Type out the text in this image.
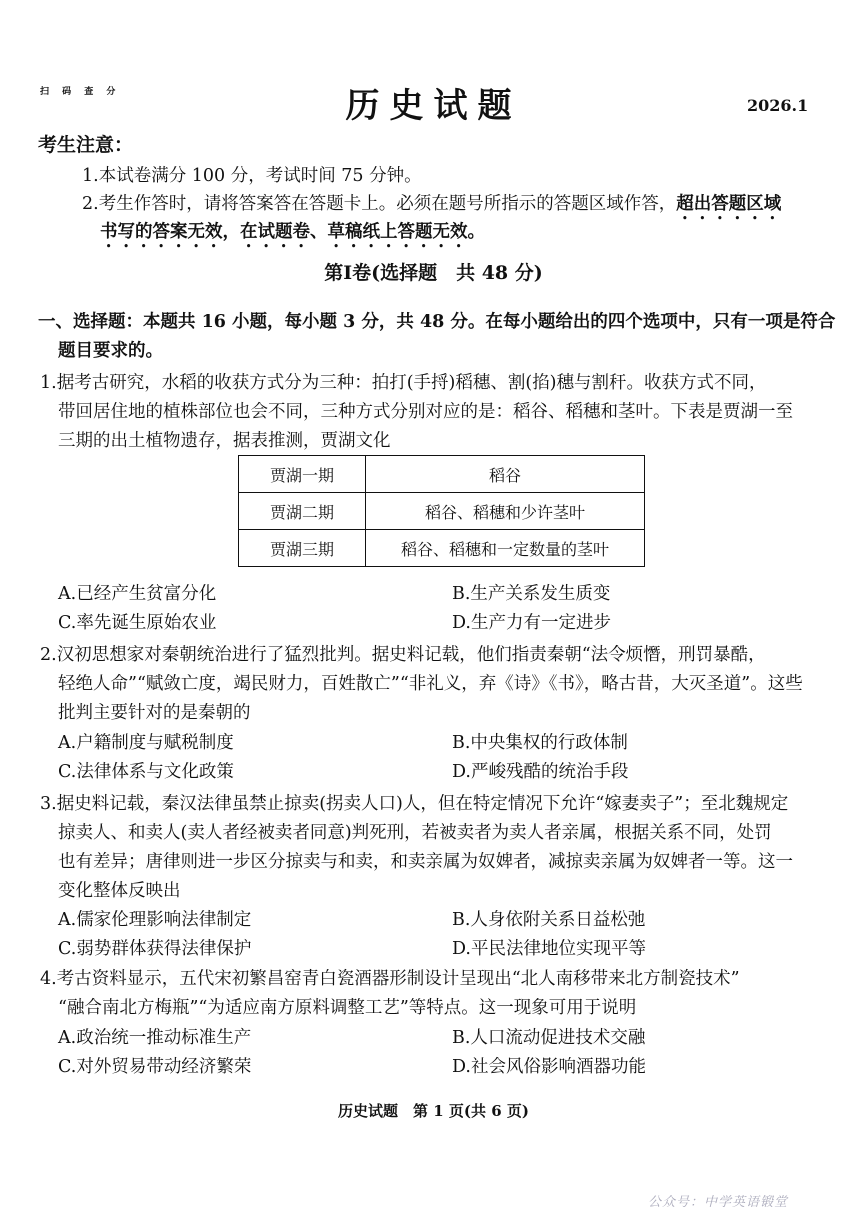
扫 码 查 分	历史试题	2026.1
考生注意：
1.本试卷满分 100 分，考试时间 75 分钟。
2.考生作答时，请将答案答在答题卡上。必须在题号所指示的答题区域作答，超出答题区域
书写的答案无效，在试题卷、草稿纸上答题无效。
第Ⅰ卷(选择题　共 48 分)
一、选择题：本题共 16 小题，每小题 3 分，共 48 分。在每小题给出的四个选项中，只有一项是符合
题目要求的。
1.据考古研究，水稻的收获方式分为三种：拍打(手捋)稻穗、割(掐)穗与割秆。收获方式不同，
带回居住地的植株部位也会不同，三种方式分别对应的是：稻谷、稻穗和茎叶。下表是贾湖一至
三期的出土植物遗存，据表推测，贾湖文化
贾湖一期	稻谷
贾湖二期	稻谷、稻穗和少许茎叶
贾湖三期	稻谷、稻穗和一定数量的茎叶
A.已经产生贫富分化	B.生产关系发生质变
C.率先诞生原始农业	D.生产力有一定进步
2.汉初思想家对秦朝统治进行了猛烈批判。据史料记载，他们指责秦朝“法令烦憯，刑罚暴酷，
轻绝人命”“赋敛亡度，竭民财力，百姓散亡”“非礼义，弃《诗》《书》，略古昔，大灭圣道”。这些
批判主要针对的是秦朝的
A.户籍制度与赋税制度	B.中央集权的行政体制
C.法律体系与文化政策	D.严峻残酷的统治手段
3.据史料记载，秦汉法律虽禁止掠卖(拐卖人口)人，但在特定情况下允许“嫁妻卖子”；至北魏规定
掠卖人、和卖人(卖人者经被卖者同意)判死刑，若被卖者为卖人者亲属，根据关系不同，处罚
也有差异；唐律则进一步区分掠卖与和卖，和卖亲属为奴婢者，减掠卖亲属为奴婢者一等。这一
变化整体反映出
A.儒家伦理影响法律制定	B.人身依附关系日益松弛
C.弱势群体获得法律保护	D.平民法律地位实现平等
4.考古资料显示，五代宋初繁昌窑青白瓷酒器形制设计呈现出“北人南移带来北方制瓷技术”
“融合南北方梅瓶”“为适应南方原料调整工艺”等特点。这一现象可用于说明
A.政治统一推动标准生产	B.人口流动促进技术交融
C.对外贸易带动经济繁荣	D.社会风俗影响酒器功能
历史试题　第 1 页(共 6 页)
公众号：中学英语锻堂
